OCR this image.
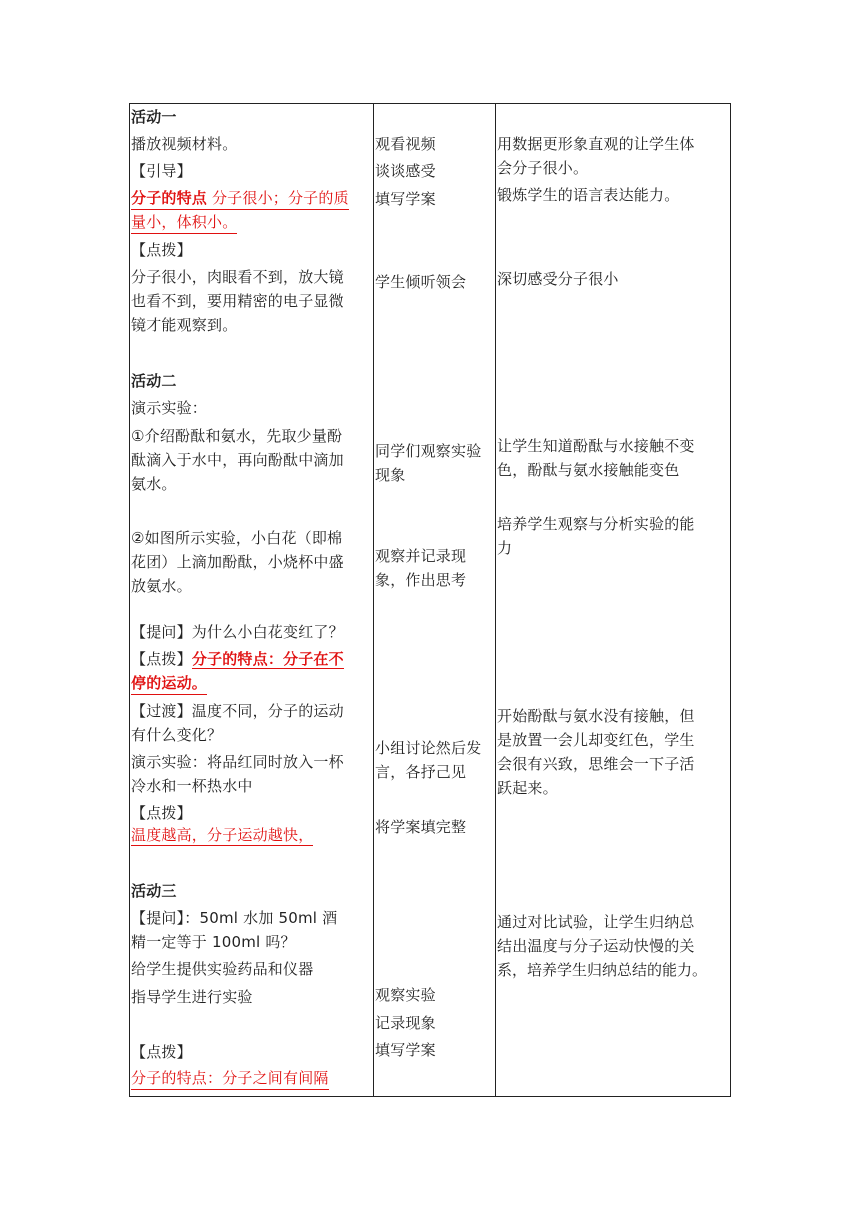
活动一
播放视频材料。
【引导】
分子的特点 分子很小；分子的质
量小，体积小。
【点拨】
分子很小，肉眼看不到，放大镜
也看不到，要用精密的电子显微
镜才能观察到。
活动二
演示实验：
①介绍酚酞和氨水，先取少量酚
酞滴入于水中，再向酚酞中滴加
氨水。
②如图所示实验，小白花（即棉
花团）上滴加酚酞，小烧杯中盛
放氨水。
【提问】为什么小白花变红了？
【点拨】分子的特点：分子在不
停的运动。
【过渡】温度不同，分子的运动
有什么变化？
演示实验：将品红同时放入一杯
冷水和一杯热水中
【点拨】
温度越高，分子运动越快，
活动三
【提问】：50ml 水加 50ml 酒
精一定等于 100ml 吗？
给学生提供实验药品和仪器
指导学生进行实验
【点拨】
分子的特点：分子之间有间隔
观看视频
谈谈感受
填写学案
学生倾听领会
同学们观察实验
现象
观察并记录现
象，作出思考
小组讨论然后发
言，各抒己见
将学案填完整
观察实验
记录现象
填写学案
用数据更形象直观的让学生体
会分子很小。
锻炼学生的语言表达能力。
深切感受分子很小
让学生知道酚酞与水接触不变
色，酚酞与氨水接触能变色
培养学生观察与分析实验的能
力
开始酚酞与氨水没有接触，但
是放置一会儿却变红色，学生
会很有兴致，思维会一下子活
跃起来。
通过对比试验，让学生归纳总
结出温度与分子运动快慢的关
系，培养学生归纳总结的能力。
